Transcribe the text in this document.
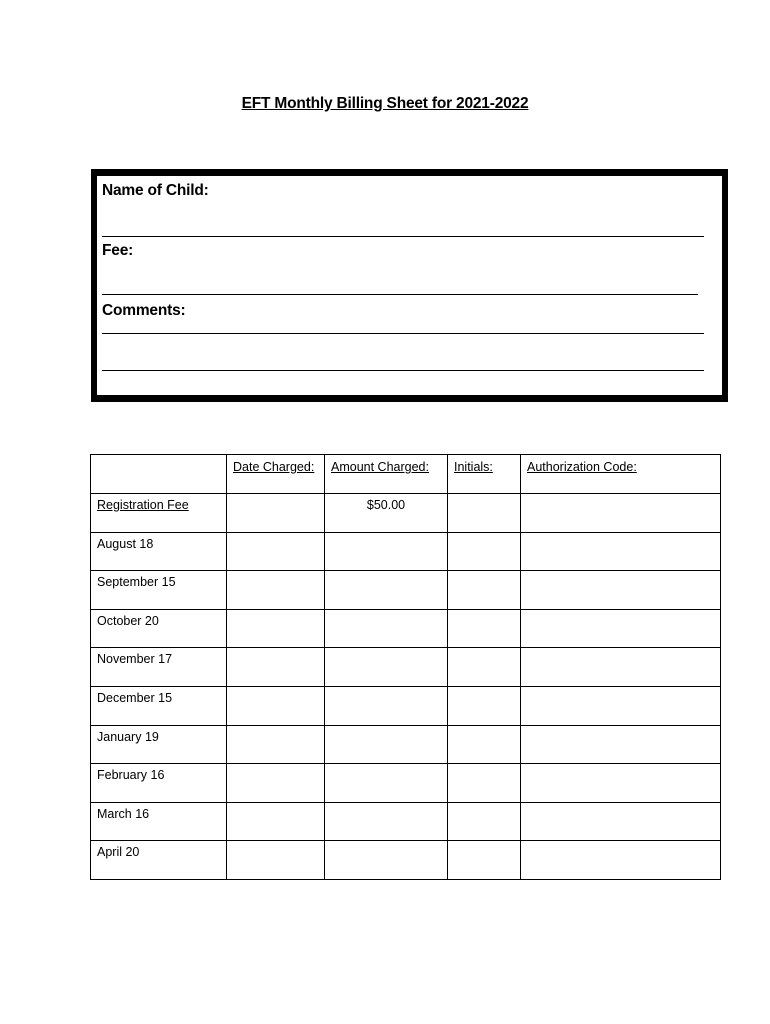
EFT Monthly Billing Sheet for 2021-2022
Name of Child:
Fee:
Comments:
	Date Charged:	Amount Charged:	Initials:	Authorization Code:
Registration Fee		$50.00		
August 18				
September 15				
October 20				
November 17				
December 15				
January 19				
February 16				
March 16				
April 20				
